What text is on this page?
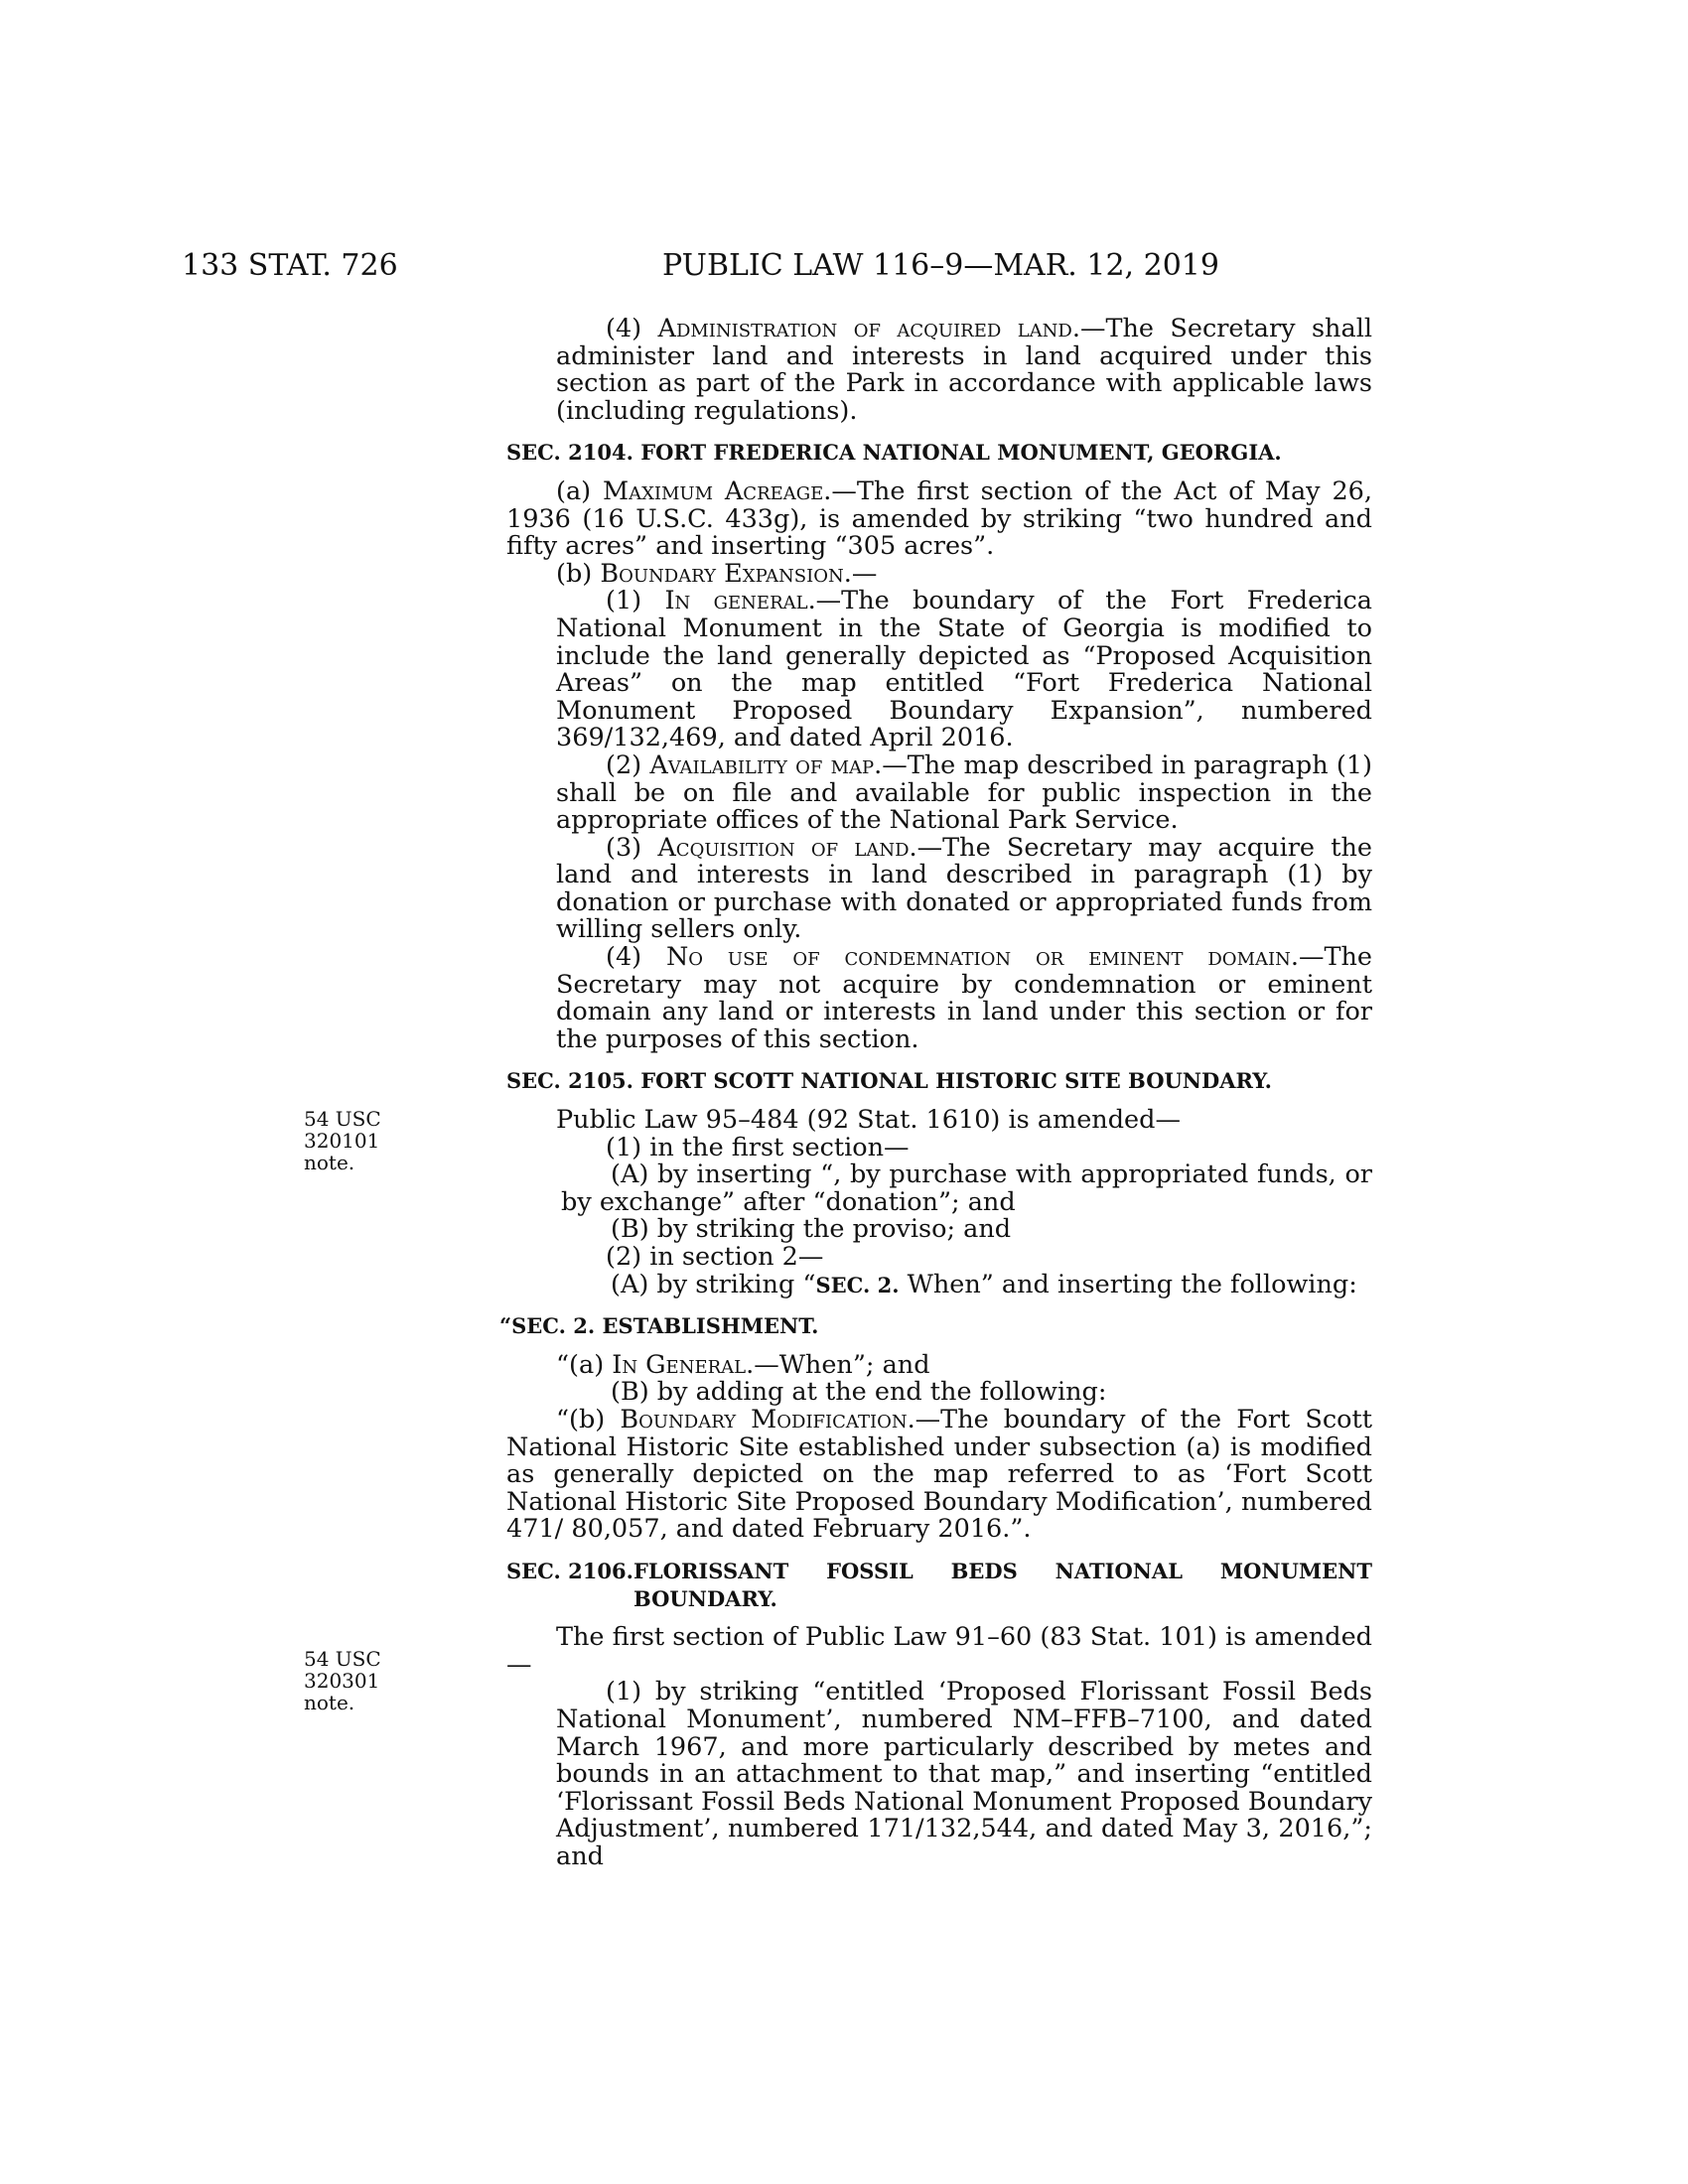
133 STAT. 726	PUBLIC LAW 116–9—MAR. 12, 2019
54 USC 320101
note.
54 USC 320301
note.

(4) Administration of acquired land.—The Secretary shall administer land and interests in land acquired under this section as part of the Park in accordance with applicable laws (including regulations).

SEC. 2104. FORT FREDERICA NATIONAL MONUMENT, GEORGIA.

(a) Maximum Acreage.—The first section of the Act of May 26, 1936 (16 U.S.C. 433g), is amended by striking “two hundred and fifty acres” and inserting “305 acres”.

(b) Boundary Expansion.—

(1) In general.—The boundary of the Fort Frederica National Monument in the State of Georgia is modified to include the land generally depicted as “Proposed Acquisition Areas” on the map entitled “Fort Frederica National Monument Proposed Boundary Expansion”, numbered 369/132,469, and dated April 2016.

(2) Availability of map.—The map described in paragraph (1) shall be on file and available for public inspection in the appropriate offices of the National Park Service.

(3) Acquisition of land.—The Secretary may acquire the land and interests in land described in paragraph (1) by donation or purchase with donated or appropriated funds from willing sellers only.

(4) No use of condemnation or eminent domain.—The Secretary may not acquire by condemnation or eminent domain any land or interests in land under this section or for the purposes of this section.

SEC. 2105. FORT SCOTT NATIONAL HISTORIC SITE BOUNDARY.

Public Law 95–484 (92 Stat. 1610) is amended—

(1) in the first section—

(A) by inserting “, by purchase with appropriated funds, or by exchange” after “donation”; and

(B) by striking the proviso; and

(2) in section 2—

(A) by striking “SEC. 2. When” and inserting the following:

“SEC. 2. ESTABLISHMENT.

“(a) In General.—When”; and

(B) by adding at the end the following:

“(b) Boundary Modification.—The boundary of the Fort Scott National Historic Site established under subsection (a) is modified as generally depicted on the map referred to as ‘Fort Scott National Historic Site Proposed Boundary Modification’, numbered 471/ 80,057, and dated February 2016.”.

SEC. 2106. FLORISSANT FOSSIL BEDS NATIONAL MONUMENT BOUNDARY.

The first section of Public Law 91–60 (83 Stat. 101) is amended—

(1) by striking “entitled ‘Proposed Florissant Fossil Beds National Monument’, numbered NM–FFB–7100, and dated March 1967, and more particularly described by metes and bounds in an attachment to that map,” and inserting “entitled ‘Florissant Fossil Beds National Monument Proposed Boundary Adjustment’, numbered 171/132,544, and dated May 3, 2016,”; and
